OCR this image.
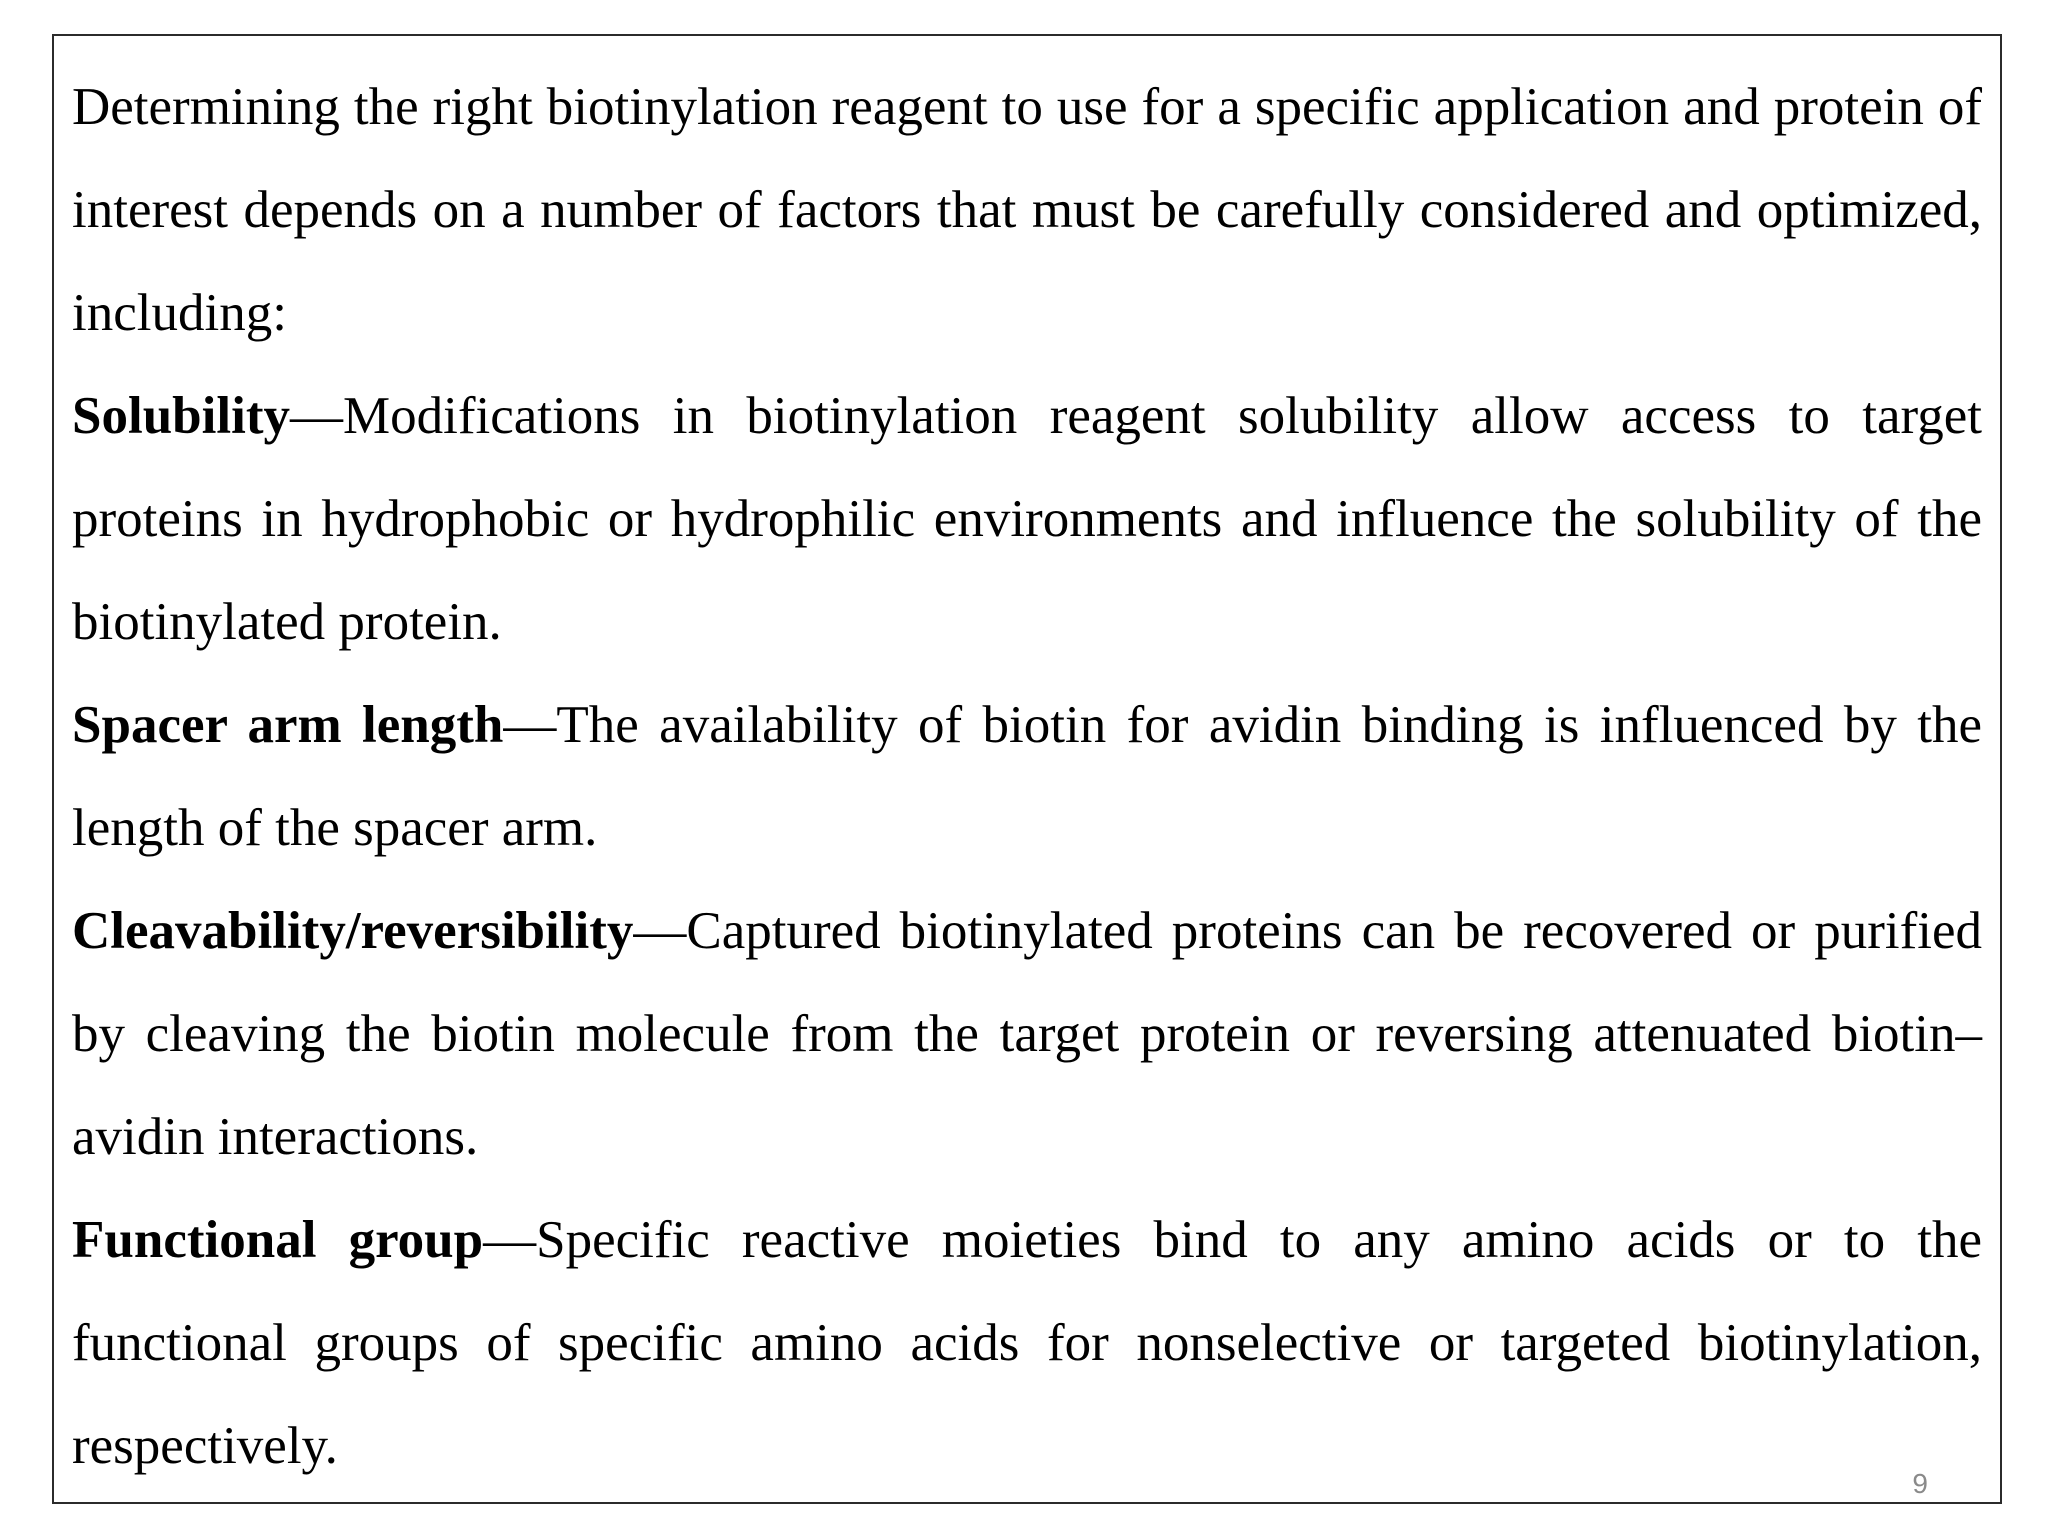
Determining the right biotinylation reagent to use for a specific application and protein of interest depends on a number of factors that must be carefully considered and optimized, including:

Solubility—Modifications in biotinylation reagent solubility allow access to target proteins in hydrophobic or hydrophilic environments and influence the solubility of the biotinylated protein.

Spacer arm length—The availability of biotin for avidin binding is influenced by the length of the spacer arm.

Cleavability/reversibility—Captured biotinylated proteins can be recovered or purified by cleaving the biotin molecule from the target protein or reversing attenuated biotin–avidin interactions.

Functional group—Specific reactive moieties bind to any amino acids or to the functional groups of specific amino acids for nonselective or targeted biotinylation, respectively.

9
